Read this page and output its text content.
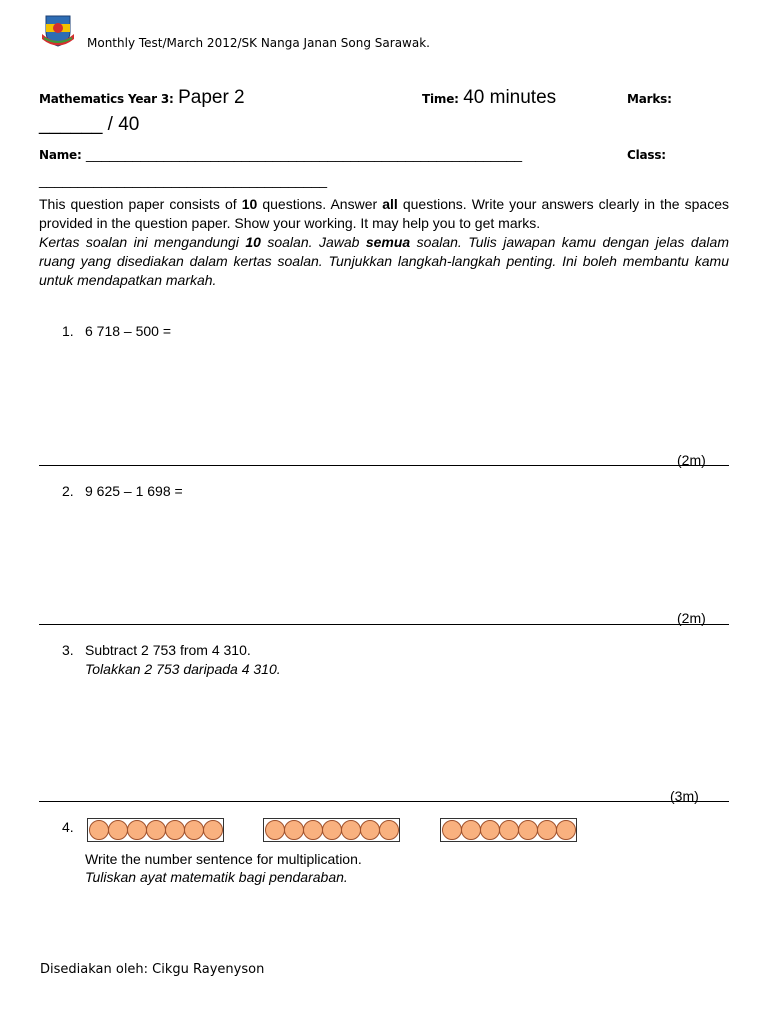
Monthly Test/March 2012/SK Nanga Janan Song Sarawak.
Mathematics Year 3: Paper 2	Time: 40 minutes	Marks:
______ / 40
Name: ________________________________________________________	Class:
_____________________________________
This question paper consists of 10 questions. Answer all questions. Write your answers clearly in the spaces provided in the question paper. Show your working. It may help you to get marks.
Kertas soalan ini mengandungi 10 soalan. Jawab semua soalan. Tulis jawapan kamu dengan jelas dalam ruang yang disediakan dalam kertas soalan. Tunjukkan langkah-langkah penting. Ini boleh membantu kamu untuk mendapatkan markah.
1. 6 718 – 500 =
(2m)
2. 9 625 – 1 698 =
(2m)
3. Subtract 2 753 from 4 310.
Tolakkan 2 753 daripada 4 310.
(3m)
4.
Write the number sentence for multiplication.
Tuliskan ayat matematik bagi pendaraban.
Disediakan oleh: Cikgu Rayenyson
